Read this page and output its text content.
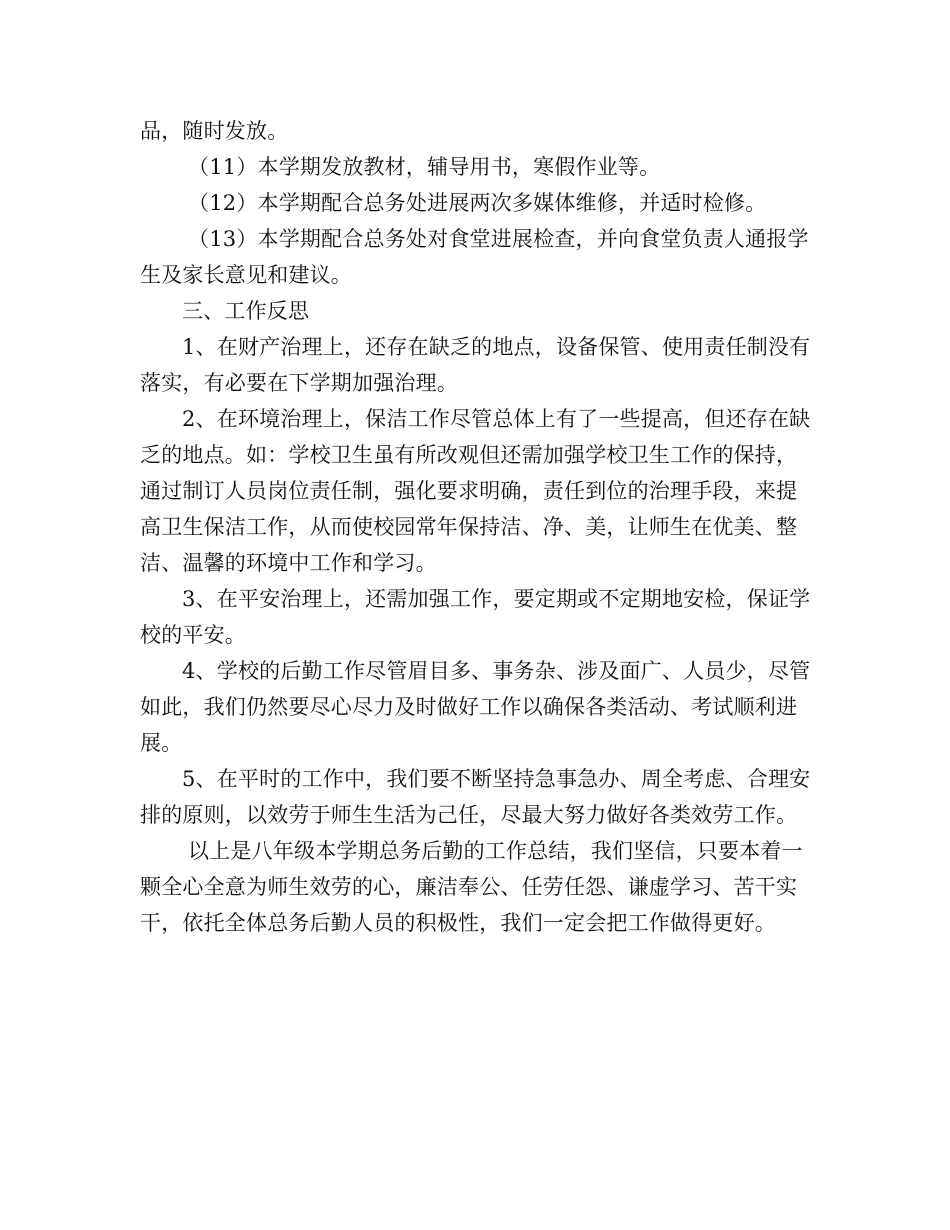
品，随时发放。

（11）本学期发放教材，辅导用书，寒假作业等。

（12）本学期配合总务处进展两次多媒体维修，并适时检修。

（13）本学期配合总务处对食堂进展检查，并向食堂负责人通报学生及家长意见和建议。

三、工作反思

1、在财产治理上，还存在缺乏的地点，设备保管、使用责任制没有落实，有必要在下学期加强治理。

2、在环境治理上，保洁工作尽管总体上有了一些提高，但还存在缺乏的地点。如：学校卫生虽有所改观但还需加强学校卫生工作的保持，通过制订人员岗位责任制，强化要求明确，责任到位的治理手段，来提高卫生保洁工作，从而使校园常年保持洁、净、美，让师生在优美、整洁、温馨的环境中工作和学习。

3、在平安治理上，还需加强工作，要定期或不定期地安检，保证学校的平安。

4、学校的后勤工作尽管眉目多、事务杂、涉及面广、人员少，尽管如此，我们仍然要尽心尽力及时做好工作以确保各类活动、考试顺利进展。

5、在平时的工作中，我们要不断坚持急事急办、周全考虑、合理安排的原则，以效劳于师生生活为己任，尽最大努力做好各类效劳工作。

以上是八年级本学期总务后勤的工作总结，我们坚信，只要本着一颗全心全意为师生效劳的心，廉洁奉公、任劳任怨、谦虚学习、苦干实干，依托全体总务后勤人员的积极性，我们一定会把工作做得更好。
